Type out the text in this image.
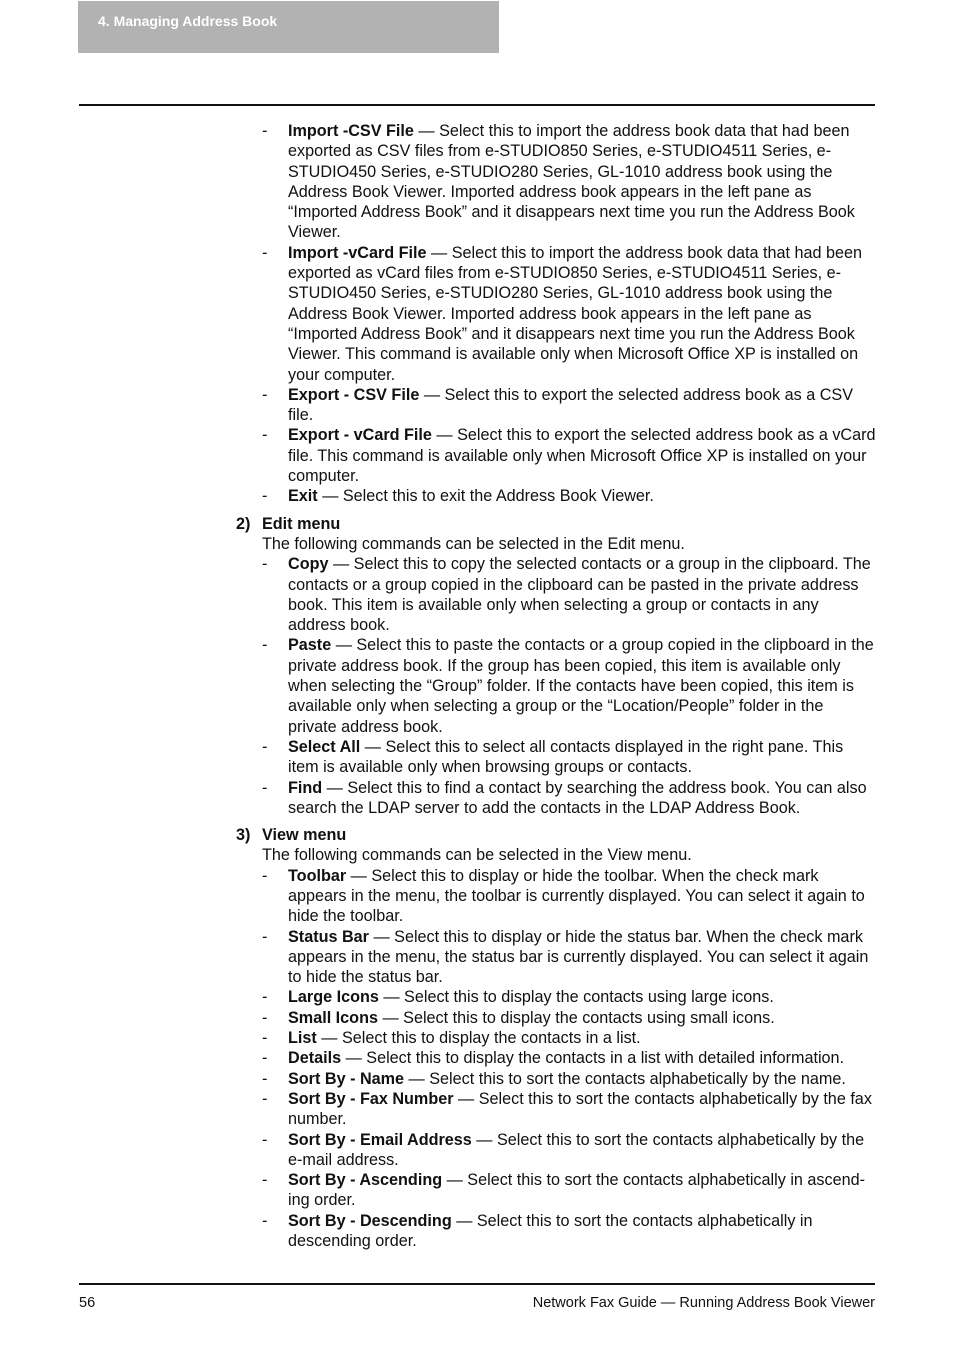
4. Managing Address Book
- Import -CSV File — Select this to import the address book data that had been exported as CSV files from e-STUDIO850 Series, e-STUDIO4511 Series, e-STUDIO450 Series, e-STUDIO280 Series, GL-1010 address book using the Address Book Viewer. Imported address book appears in the left pane as “Imported Address Book” and it disappears next time you run the Address Book Viewer.
- Import -vCard File — Select this to import the address book data that had been exported as vCard files from e-STUDIO850 Series, e-STUDIO4511 Series, e-STUDIO450 Series, e-STUDIO280 Series, GL-1010 address book using the Address Book Viewer. Imported address book appears in the left pane as “Imported Address Book” and it disappears next time you run the Address Book Viewer. This command is available only when Microsoft Office XP is installed on your computer.
- Export - CSV File — Select this to export the selected address book as a CSV file.
- Export - vCard File — Select this to export the selected address book as a vCard file. This command is available only when Microsoft Office XP is installed on your computer.
- Exit — Select this to exit the Address Book Viewer.
2) Edit menu
The following commands can be selected in the Edit menu.
- Copy — Select this to copy the selected contacts or a group in the clipboard. The contacts or a group copied in the clipboard can be pasted in the private address book. This item is available only when selecting a group or contacts in any address book.
- Paste — Select this to paste the contacts or a group copied in the clipboard in the private address book. If the group has been copied, this item is available only when selecting the “Group” folder. If the contacts have been copied, this item is available only when selecting a group or the “Location/People” folder in the private address book.
- Select All — Select this to select all contacts displayed in the right pane. This item is available only when browsing groups or contacts.
- Find — Select this to find a contact by searching the address book. You can also search the LDAP server to add the contacts in the LDAP Address Book.
3) View menu
The following commands can be selected in the View menu.
- Toolbar — Select this to display or hide the toolbar. When the check mark appears in the menu, the toolbar is currently displayed. You can select it again to hide the toolbar.
- Status Bar — Select this to display or hide the status bar. When the check mark appears in the menu, the status bar is currently displayed. You can select it again to hide the status bar.
- Large Icons — Select this to display the contacts using large icons.
- Small Icons — Select this to display the contacts using small icons.
- List — Select this to display the contacts in a list.
- Details — Select this to display the contacts in a list with detailed information.
- Sort By - Name — Select this to sort the contacts alphabetically by the name.
- Sort By - Fax Number — Select this to sort the contacts alphabetically by the fax number.
- Sort By - Email Address — Select this to sort the contacts alphabetically by the e-mail address.
- Sort By - Ascending — Select this to sort the contacts alphabetically in ascend-ing order.
- Sort By - Descending — Select this to sort the contacts alphabetically in descending order.
56	Network Fax Guide — Running Address Book Viewer
